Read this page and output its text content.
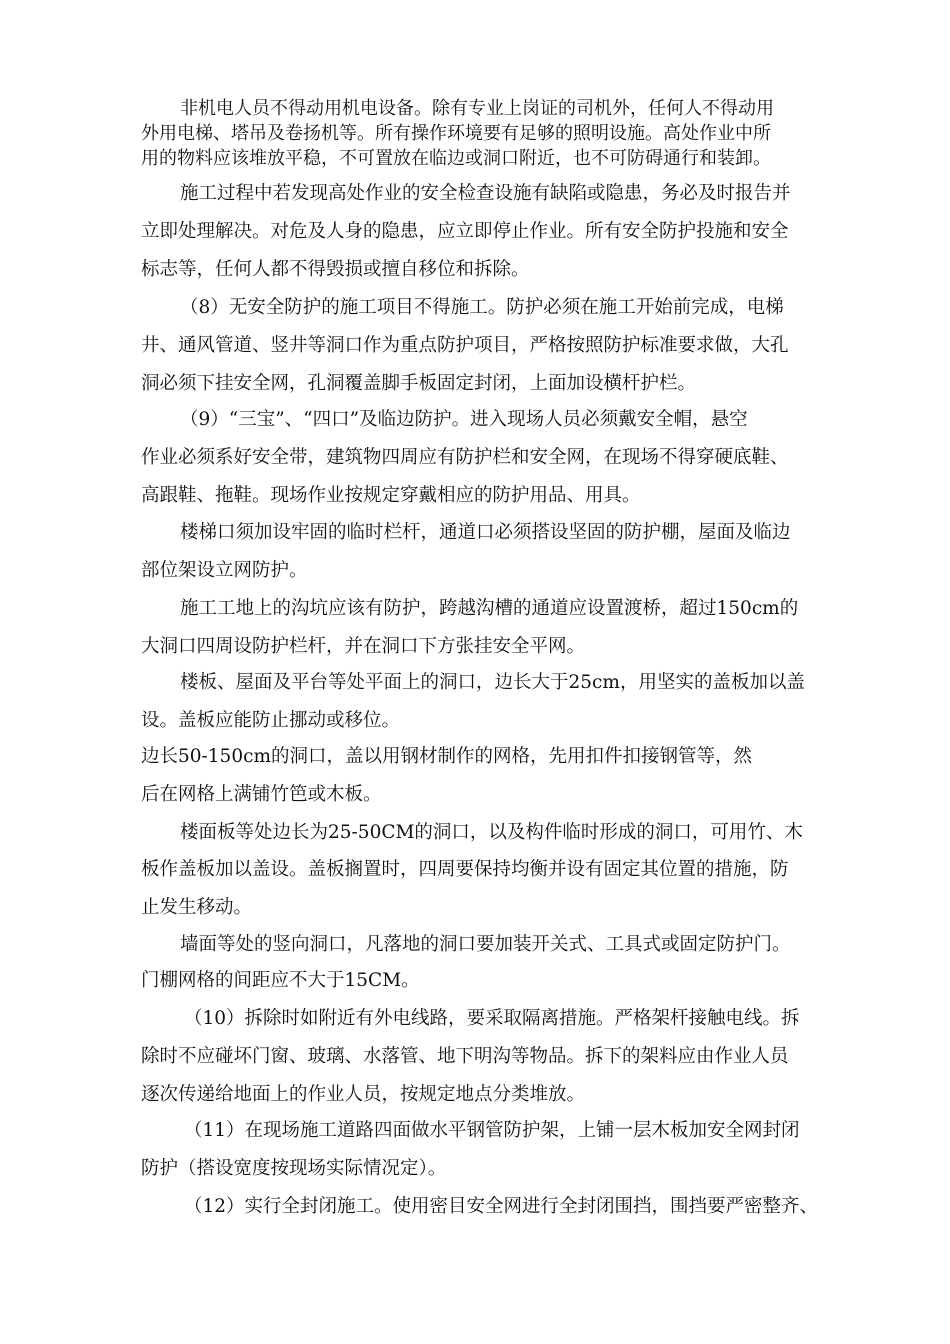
非机电人员不得动用机电设备。除有专业上岗证的司机外，任何人不得动用
外用电梯、塔吊及卷扬机等。所有操作环境要有足够的照明设施。高处作业中所
用的物料应该堆放平稳，不可置放在临边或洞口附近，也不可防碍通行和装卸。
施工过程中若发现高处作业的安全检查设施有缺陷或隐患，务必及时报告并
立即处理解决。对危及人身的隐患，应立即停止作业。所有安全防护投施和安全
标志等，任何人都不得毁损或擅自移位和拆除。
（8）无安全防护的施工项目不得施工。防护必须在施工开始前完成，电梯
井、通风管道、竖井等洞口作为重点防护项目，严格按照防护标准要求做，大孔
洞必须下挂安全网，孔洞覆盖脚手板固定封闭，上面加设横杆护栏。
（9）“三宝”、“四口”及临边防护。进入现场人员必须戴安全帽，悬空
作业必须系好安全带，建筑物四周应有防护栏和安全网，在现场不得穿硬底鞋、
高跟鞋、拖鞋。现场作业按规定穿戴相应的防护用品、用具。
楼梯口须加设牢固的临时栏杆，通道口必须搭设坚固的防护棚，屋面及临边
部位架设立网防护。
施工工地上的沟坑应该有防护，跨越沟槽的通道应设置渡桥，超过150cm的
大洞口四周设防护栏杆，并在洞口下方张挂安全平网。
楼板、屋面及平台等处平面上的洞口，边长大于25cm，用坚实的盖板加以盖
设。盖板应能防止挪动或移位。
边长50-150cm的洞口，盖以用钢材制作的网格，先用扣件扣接钢管等，然
后在网格上满铺竹笆或木板。
楼面板等处边长为25-50CM的洞口，以及构件临时形成的洞口，可用竹、木
板作盖板加以盖设。盖板搁置时，四周要保持均衡并设有固定其位置的措施，防
止发生移动。
墙面等处的竖向洞口，凡落地的洞口要加装开关式、工具式或固定防护门。
门棚网格的间距应不大于15CM。
（10）拆除时如附近有外电线路，要采取隔离措施。严格架杆接触电线。拆
除时不应碰坏门窗、玻璃、水落管、地下明沟等物品。拆下的架料应由作业人员
逐次传递给地面上的作业人员，按规定地点分类堆放。
（11）在现场施工道路四面做水平钢管防护架，上铺一层木板加安全网封闭
防护（搭设宽度按现场实际情况定）。
（12）实行全封闭施工。使用密目安全网进行全封闭围挡，围挡要严密整齐、
